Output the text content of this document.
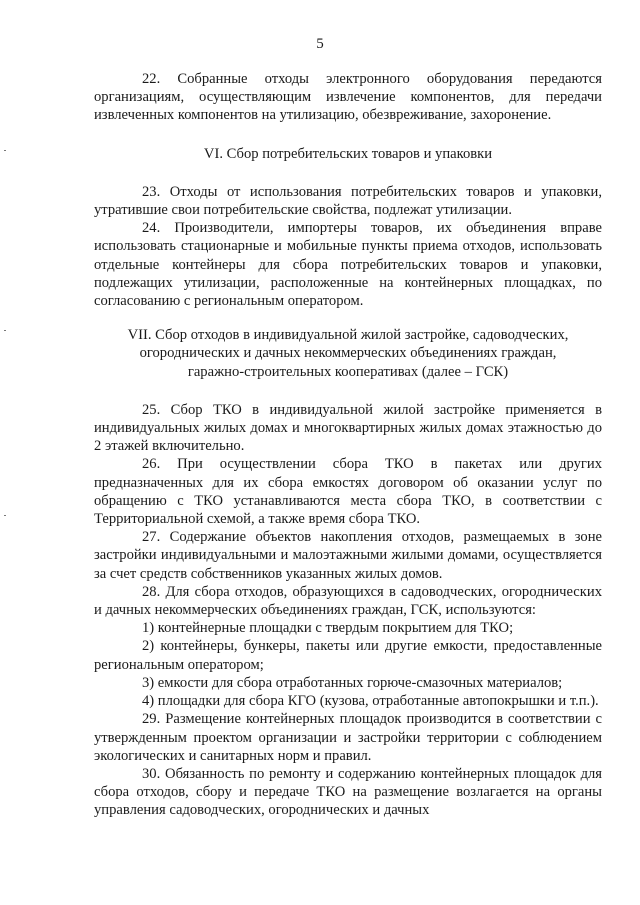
5

22. Собранные отходы электронного оборудования передаются организациям, осуществляющим извлечение компонентов, для передачи извлеченных компонентов на утилизацию, обезвреживание, захоронение.

VI. Сбор потребительских товаров и упаковки

23. Отходы от использования потребительских товаров и упаковки, утратившие свои потребительские свойства, подлежат утилизации.

24. Производители, импортеры товаров, их объединения вправе использовать стационарные и мобильные пункты приема отходов, использовать отдельные контейнеры для сбора потребительских товаров и упаковки, подлежащих утилизации, расположенные на контейнерных площадках, по согласованию с региональным оператором.

VII. Сбор отходов в индивидуальной жилой застройке, садоводческих,

огороднических и дачных некоммерческих объединениях граждан,

гаражно-строительных кооперативах (далее – ГСК)

25. Сбор ТКО в индивидуальной жилой застройке применяется в индивидуальных жилых домах и многоквартирных жилых домах этажностью до 2 этажей включительно.

26. При осуществлении сбора ТКО в пакетах или других предназначенных для их сбора емкостях договором об оказании услуг по обращению с ТКО устанавливаются места сбора ТКО, в соответствии с Территориальной схемой, а также время сбора ТКО.

27. Содержание объектов накопления отходов, размещаемых в зоне застройки индивидуальными и малоэтажными жилыми домами, осуществляется за счет средств собственников указанных жилых домов.

28. Для сбора отходов, образующихся в садоводческих, огороднических и дачных некоммерческих объединениях граждан, ГСК, используются:

1) контейнерные площадки с твердым покрытием для ТКО;

2) контейнеры, бункеры, пакеты или другие емкости, предоставленные региональным оператором;

3) емкости для сбора отработанных горюче-смазочных материалов;

4) площадки для сбора КГО (кузова, отработанные автопокрышки и т.п.).

29. Размещение контейнерных площадок производится в соответствии с утвержденным проектом организации и застройки территории с соблюдением экологических и санитарных норм и правил.

30. Обязанность по ремонту и содержанию контейнерных площадок для сбора отходов, сбору и передаче ТКО на размещение возлагается на органы управления садоводческих, огороднических и дачных
